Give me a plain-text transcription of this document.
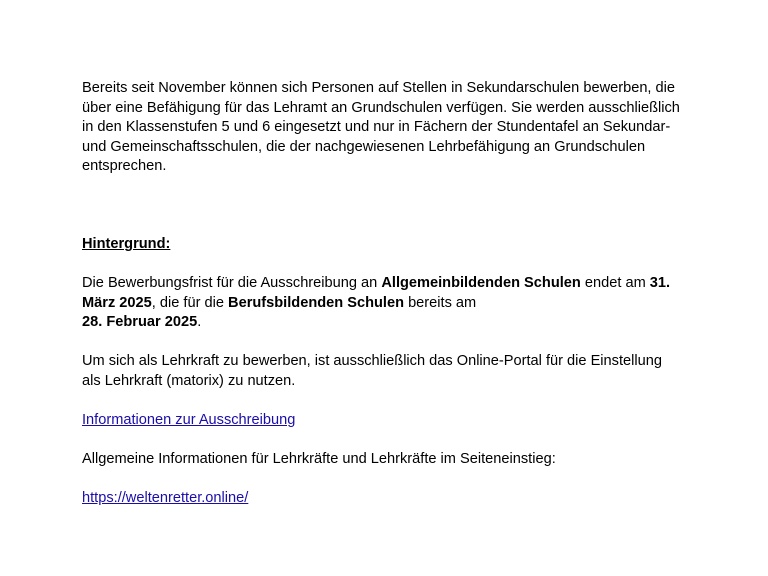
Bereits seit November können sich Personen auf Stellen in Sekundarschulen bewerben, die
über eine Befähigung für das Lehramt an Grundschulen verfügen. Sie werden ausschließlich
in den Klassenstufen 5 und 6 eingesetzt und nur in Fächern der Stundentafel an Sekundar-
und Gemeinschaftsschulen, die der nachgewiesenen Lehrbefähigung an Grundschulen
entsprechen.

Hintergrund:

Die Bewerbungsfrist für die Ausschreibung an Allgemeinbildenden Schulen endet am 31.
März 2025, die für die Berufsbildenden Schulen bereits am
28. Februar 2025.

Um sich als Lehrkraft zu bewerben, ist ausschließlich das Online-Portal für die Einstellung
als Lehrkraft (matorix) zu nutzen.

Informationen zur Ausschreibung

Allgemeine Informationen für Lehrkräfte und Lehrkräfte im Seiteneinstieg:

https://weltenretter.online/
